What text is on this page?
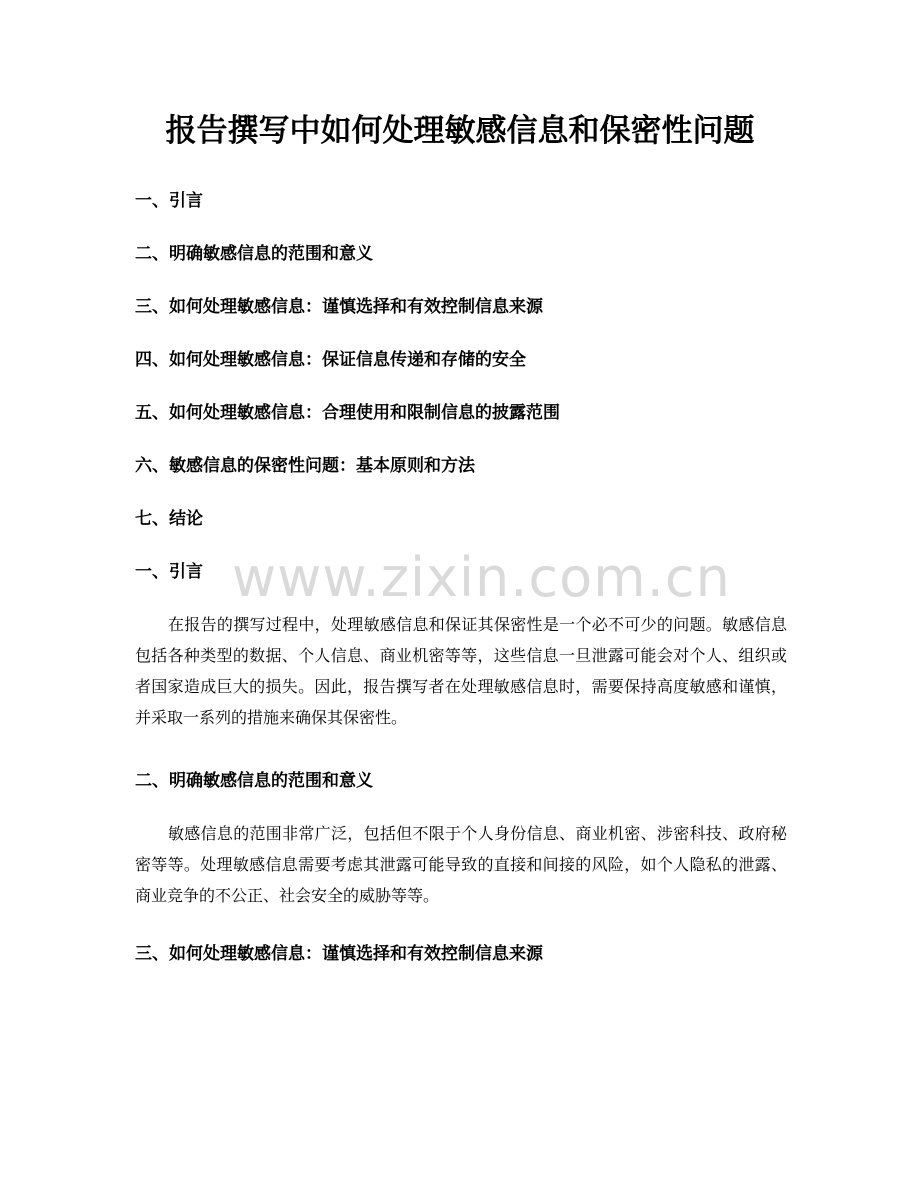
报告撰写中如何处理敏感信息和保密性问题
一、引言
二、明确敏感信息的范围和意义
三、如何处理敏感信息：谨慎选择和有效控制信息来源
四、如何处理敏感信息：保证信息传递和存储的安全
五、如何处理敏感信息：合理使用和限制信息的披露范围
六、敏感信息的保密性问题：基本原则和方法
七、结论
www.zixin.com.cn
一、引言

在报告的撰写过程中，处理敏感信息和保证其保密性是一个必不可少的问题。敏感信息包括各种类型的数据、个人信息、商业机密等等，这些信息一旦泄露可能会对个人、组织或者国家造成巨大的损失。因此，报告撰写者在处理敏感信息时，需要保持高度敏感和谨慎，并采取一系列的措施来确保其保密性。

二、明确敏感信息的范围和意义

敏感信息的范围非常广泛，包括但不限于个人身份信息、商业机密、涉密科技、政府秘密等等。处理敏感信息需要考虑其泄露可能导致的直接和间接的风险，如个人隐私的泄露、商业竞争的不公正、社会安全的威胁等等。

三、如何处理敏感信息：谨慎选择和有效控制信息来源
